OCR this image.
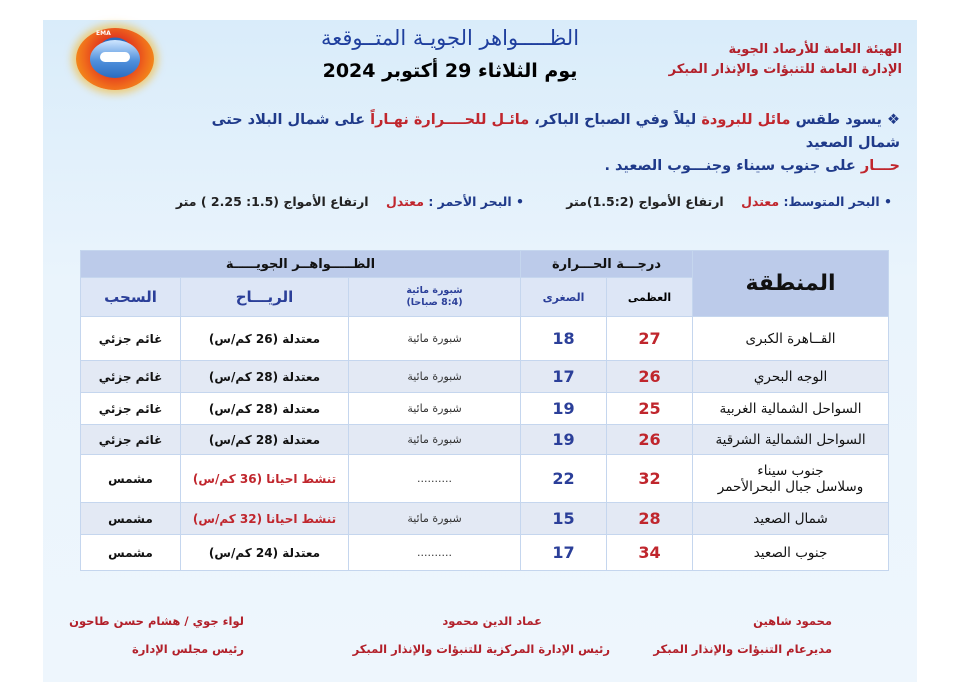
EMA	الظـــــواهر الجويـة المتــوقعة
يوم الثلاثاء 29 أكتوبر 2024
الهيئة العامة للأرصاد الجوية
الإدارة العامة للتنبؤات والإنذار المبكر
❖ يسود طقس مائل للبرودة ليلاً وفي الصباح الباكر، مائـل للحــــرارة نهـاراً على شمال البلاد حتى شمال الصعيد
حـــار على جنوب سيناء وجنـــوب الصعيد .
• البحر المتوسط: معتدل    ارتفاع الأمواج (1.5:2)متر
• البحر الأحمر : معتدل    ارتفاع الأمواج (1.5: 2.25 ) متر
المنطقة	درجـــة الحـــرارة		الظـــــواهــر الجويـــــة		
	العظمى	الصغرى	شبورة مائية
(8:4 صباحا)	الريـــاح	السحب
القــاهرة الكبرى	27	18	شبورة مائية	معتدلة (26 كم/س)	غائم جزئي
الوجه البحري	26	17	شبورة مائية	معتدلة (28 كم/س)	غائم جزئي
السواحل الشمالية الغربية	25	19	شبورة مائية	معتدلة (28 كم/س)	غائم جزئي
السواحل الشمالية الشرقية	26	19	شبورة مائية	معتدلة (28 كم/س)	غائم جزئي

جنوب سيناء
وسلاسل جبال البحرالأحمر	32	22	..........	تنشط احيانا (36 كم/س)	مشمس
شمال الصعيد	28	15	شبورة مائية	تنشط احيانا (32 كم/س)	مشمس
جنوب الصعيد	34	17	..........	معتدلة (24 كم/س)	مشمس
محمود شاهين
مديرعام التنبؤات والإنذار المبكر
عماد الدين محمود
رئيس الإدارة المركزية للتنبؤات والإنذار المبكر
لواء جوي / هشام حسن طاحون
رئيس مجلس الإدارة
